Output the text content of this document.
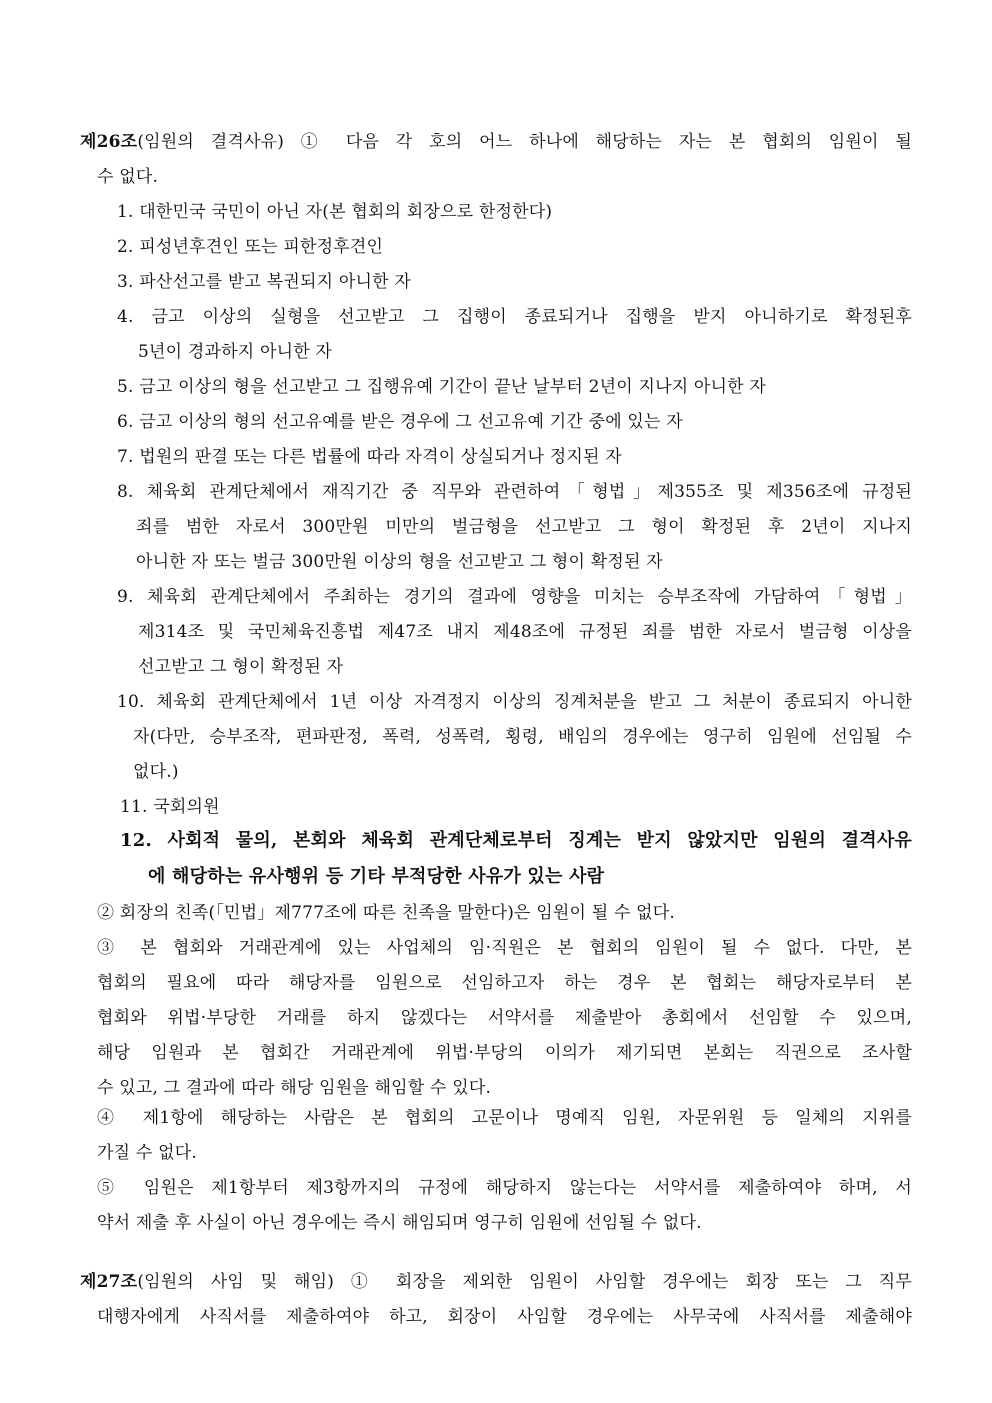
제26조(임원의 결격사유) ① 다음 각 호의 어느 하나에 해당하는 자는 본 협회의 임원이 될
수 없다.
1. 대한민국 국민이 아닌 자(본 협회의 회장으로 한정한다)
2. 피성년후견인 또는 피한정후견인
3. 파산선고를 받고 복권되지 아니한 자
4. 금고 이상의 실형을 선고받고 그 집행이 종료되거나 집행을 받지 아니하기로 확정된후
5년이 경과하지 아니한 자
5. 금고 이상의 형을 선고받고 그 집행유예 기간이 끝난 날부터 2년이 지나지 아니한 자
6. 금고 이상의 형의 선고유예를 받은 경우에 그 선고유예 기간 중에 있는 자
7. 법원의 판결 또는 다른 법률에 따라 자격이 상실되거나 정지된 자
8. 체육회 관계단체에서 재직기간 중 직무와 관련하여「형법」제355조 및 제356조에 규정된
죄를 범한 자로서 300만원 미만의 벌금형을 선고받고 그 형이 확정된 후 2년이 지나지
아니한 자 또는 벌금 300만원 이상의 형을 선고받고 그 형이 확정된 자
9. 체육회 관계단체에서 주최하는 경기의 결과에 영향을 미치는 승부조작에 가담하여「형법」
제314조 및 국민체육진흥법 제47조 내지 제48조에 규정된 죄를 범한 자로서 벌금형 이상을
선고받고 그 형이 확정된 자
10. 체육회 관계단체에서 1년 이상 자격정지 이상의 징계처분을 받고 그 처분이 종료되지 아니한
자(다만, 승부조작, 편파판정, 폭력, 성폭력, 횡령, 배임의 경우에는 영구히 임원에 선임될 수
없다.)
11. 국회의원
12. 사회적 물의, 본회와 체육회 관계단체로부터 징계는 받지 않았지만 임원의 결격사유
에 해당하는 유사행위 등 기타 부적당한 사유가 있는 사람
② 회장의 친족(「민법」제777조에 따른 친족을 말한다)은 임원이 될 수 없다.
③ 본 협회와 거래관계에 있는 사업체의 임·직원은 본 협회의 임원이 될 수 없다. 다만, 본
협회의 필요에 따라 해당자를 임원으로 선임하고자 하는 경우 본 협회는 해당자로부터 본
협회와 위법·부당한 거래를 하지 않겠다는 서약서를 제출받아 총회에서 선임할 수 있으며,
해당 임원과 본 협회간 거래관계에 위법·부당의 이의가 제기되면 본회는 직권으로 조사할
수 있고, 그 결과에 따라 해당 임원을 해임할 수 있다.
④ 제1항에 해당하는 사람은 본 협회의 고문이나 명예직 임원, 자문위원 등 일체의 지위를
가질 수 없다.
⑤ 임원은 제1항부터 제3항까지의 규정에 해당하지 않는다는 서약서를 제출하여야 하며, 서
약서 제출 후 사실이 아닌 경우에는 즉시 해임되며 영구히 임원에 선임될 수 없다.
제27조(임원의 사임 및 해임) ① 회장을 제외한 임원이 사임할 경우에는 회장 또는 그 직무
대행자에게 사직서를 제출하여야 하고, 회장이 사임할 경우에는 사무국에 사직서를 제출해야
